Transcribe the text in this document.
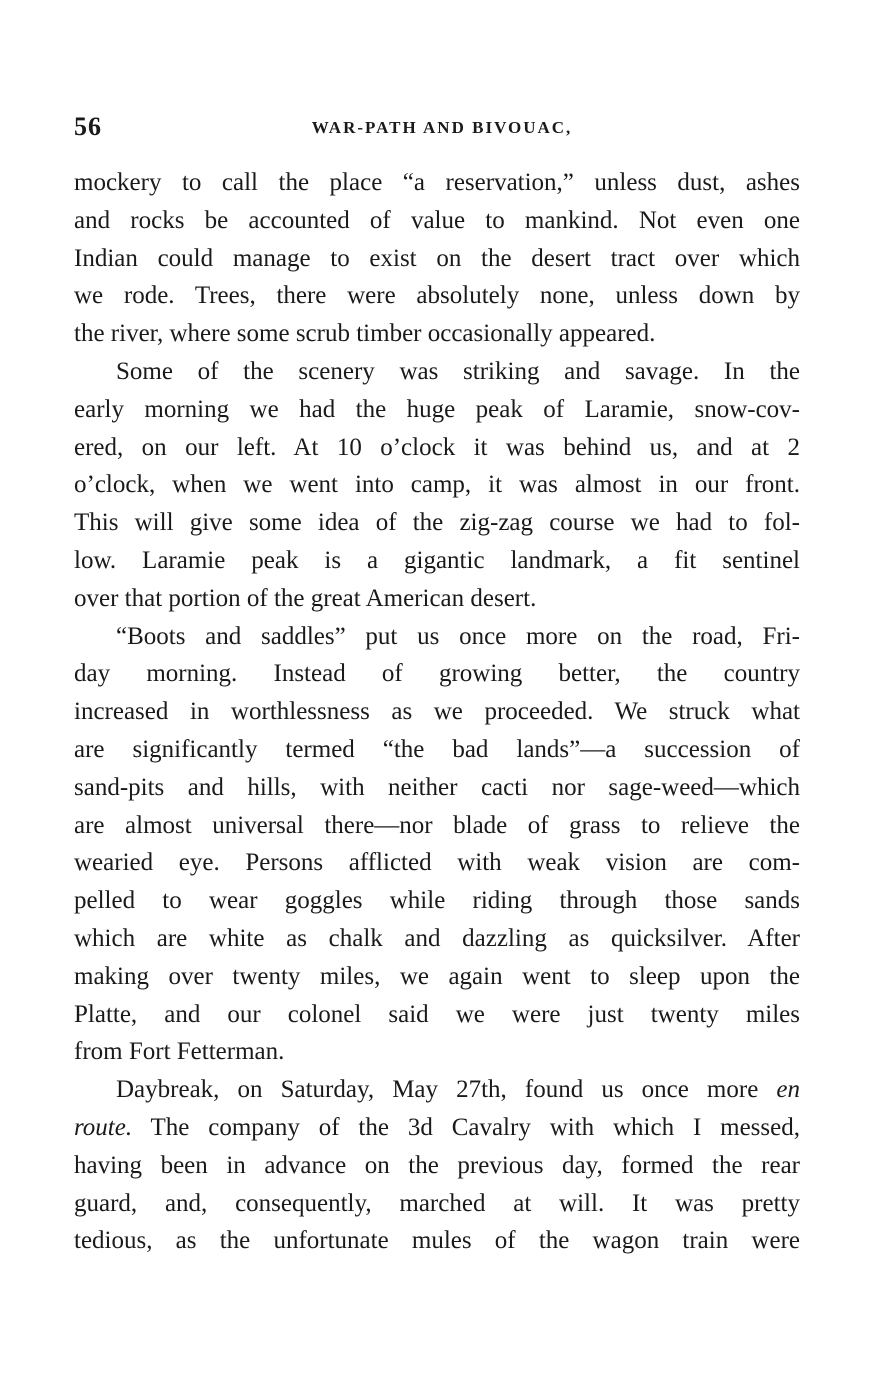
56	WAR-PATH AND BIVOUAC,
mockery to call the place “a reservation,” unless dust, ashes
and rocks be accounted of value to mankind. Not even one
Indian could manage to exist on the desert tract over which
we rode. Trees, there were absolutely none, unless down by
the river, where some scrub timber occasionally appeared.
Some of the scenery was striking and savage. In the
early morning we had the huge peak of Laramie, snow-cov-
ered, on our left. At 10 o’clock it was behind us, and at 2
o’clock, when we went into camp, it was almost in our front.
This will give some idea of the zig-zag course we had to fol-
low. Laramie peak is a gigantic landmark, a fit sentinel
over that portion of the great American desert.
“Boots and saddles” put us once more on the road, Fri-
day morning. Instead of growing better, the country
increased in worthlessness as we proceeded. We struck what
are significantly termed “the bad lands”—a succession of
sand-pits and hills, with neither cacti nor sage-weed—which
are almost universal there—nor blade of grass to relieve the
wearied eye. Persons afflicted with weak vision are com-
pelled to wear goggles while riding through those sands
which are white as chalk and dazzling as quicksilver. After
making over twenty miles, we again went to sleep upon the
Platte, and our colonel said we were just twenty miles
from Fort Fetterman.
Daybreak, on Saturday, May 27th, found us once more en
route. The company of the 3d Cavalry with which I messed,
having been in advance on the previous day, formed the rear
guard, and, consequently, marched at will. It was pretty
tedious, as the unfortunate mules of the wagon train were
